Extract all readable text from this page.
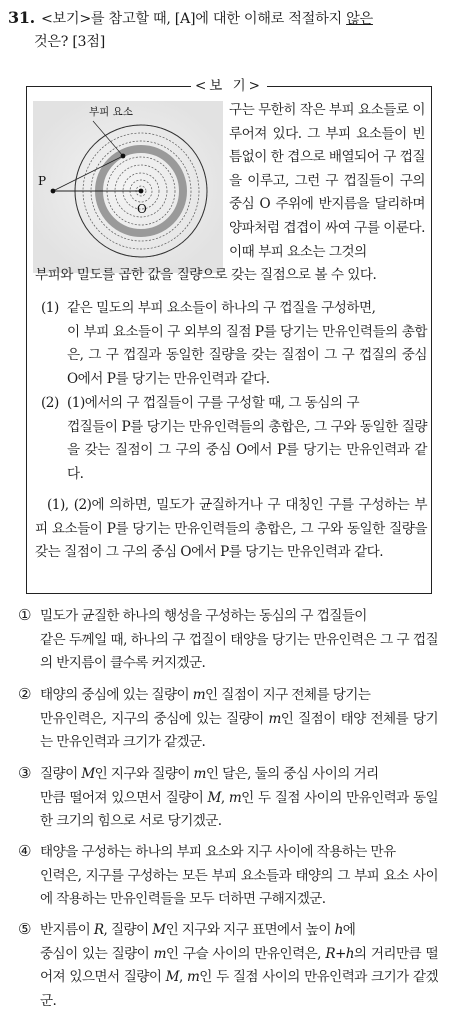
31. <보기>를 참고할 때, [A]에 대한 이해로 적절하지 않은
것은? [3점]
<보 기>
부피 요소
P
O
구는 무한히 작은 부피 요소들로 이루어져 있다. 그 부피 요소들이 빈틈없이 한 겹으로 배열되어 구 껍질을 이루고, 그런 구 껍질들이 구의 중심 O 주위에 반지름을 달리하며 양파처럼 겹겹이 싸여 구를 이룬다. 이때 부피 요소는 그것의
부피와 밀도를 곱한 값을 질량으로 갖는 질점으로 볼 수 있다.
(1) 같은 밀도의 부피 요소들이 하나의 구 껍질을 구성하면,
이 부피 요소들이 구 외부의 질점 P를 당기는 만유인력들의 총합은, 그 구 껍질과 동일한 질량을 갖는 질점이 그 구 껍질의 중심 O에서 P를 당기는 만유인력과 같다.
(2) (1)에서의 구 껍질들이 구를 구성할 때, 그 동심의 구
껍질들이 P를 당기는 만유인력들의 총합은, 그 구와 동일한 질량을 갖는 질점이 그 구의 중심 O에서 P를 당기는 만유인력과 같다.
(1), (2)에 의하면, 밀도가 균질하거나 구 대칭인 구를 구성하는 부피 요소들이 P를 당기는 만유인력들의 총합은, 그 구와 동일한 질량을 갖는 질점이 그 구의 중심 O에서 P를 당기는 만유인력과 같다.
① 밀도가 균질한 하나의 행성을 구성하는 동심의 구 껍질들이
같은 두께일 때, 하나의 구 껍질이 태양을 당기는 만유인력은 그 구 껍질의 반지름이 클수록 커지겠군.
② 태양의 중심에 있는 질량이 m인 질점이 지구 전체를 당기는
만유인력은, 지구의 중심에 있는 질량이 m인 질점이 태양 전체를 당기는 만유인력과 크기가 같겠군.
③ 질량이 M인 지구와 질량이 m인 달은, 둘의 중심 사이의 거리
만큼 떨어져 있으면서 질량이 M, m인 두 질점 사이의 만유인력과 동일한 크기의 힘으로 서로 당기겠군.
④ 태양을 구성하는 하나의 부피 요소와 지구 사이에 작용하는 만유
인력은, 지구를 구성하는 모든 부피 요소들과 태양의 그 부피 요소 사이에 작용하는 만유인력들을 모두 더하면 구해지겠군.
⑤ 반지름이 R, 질량이 M인 지구와 지구 표면에서 높이 h에
중심이 있는 질량이 m인 구슬 사이의 만유인력은, R+h의 거리만큼 떨어져 있으면서 질량이 M, m인 두 질점 사이의 만유인력과 크기가 같겠군.
